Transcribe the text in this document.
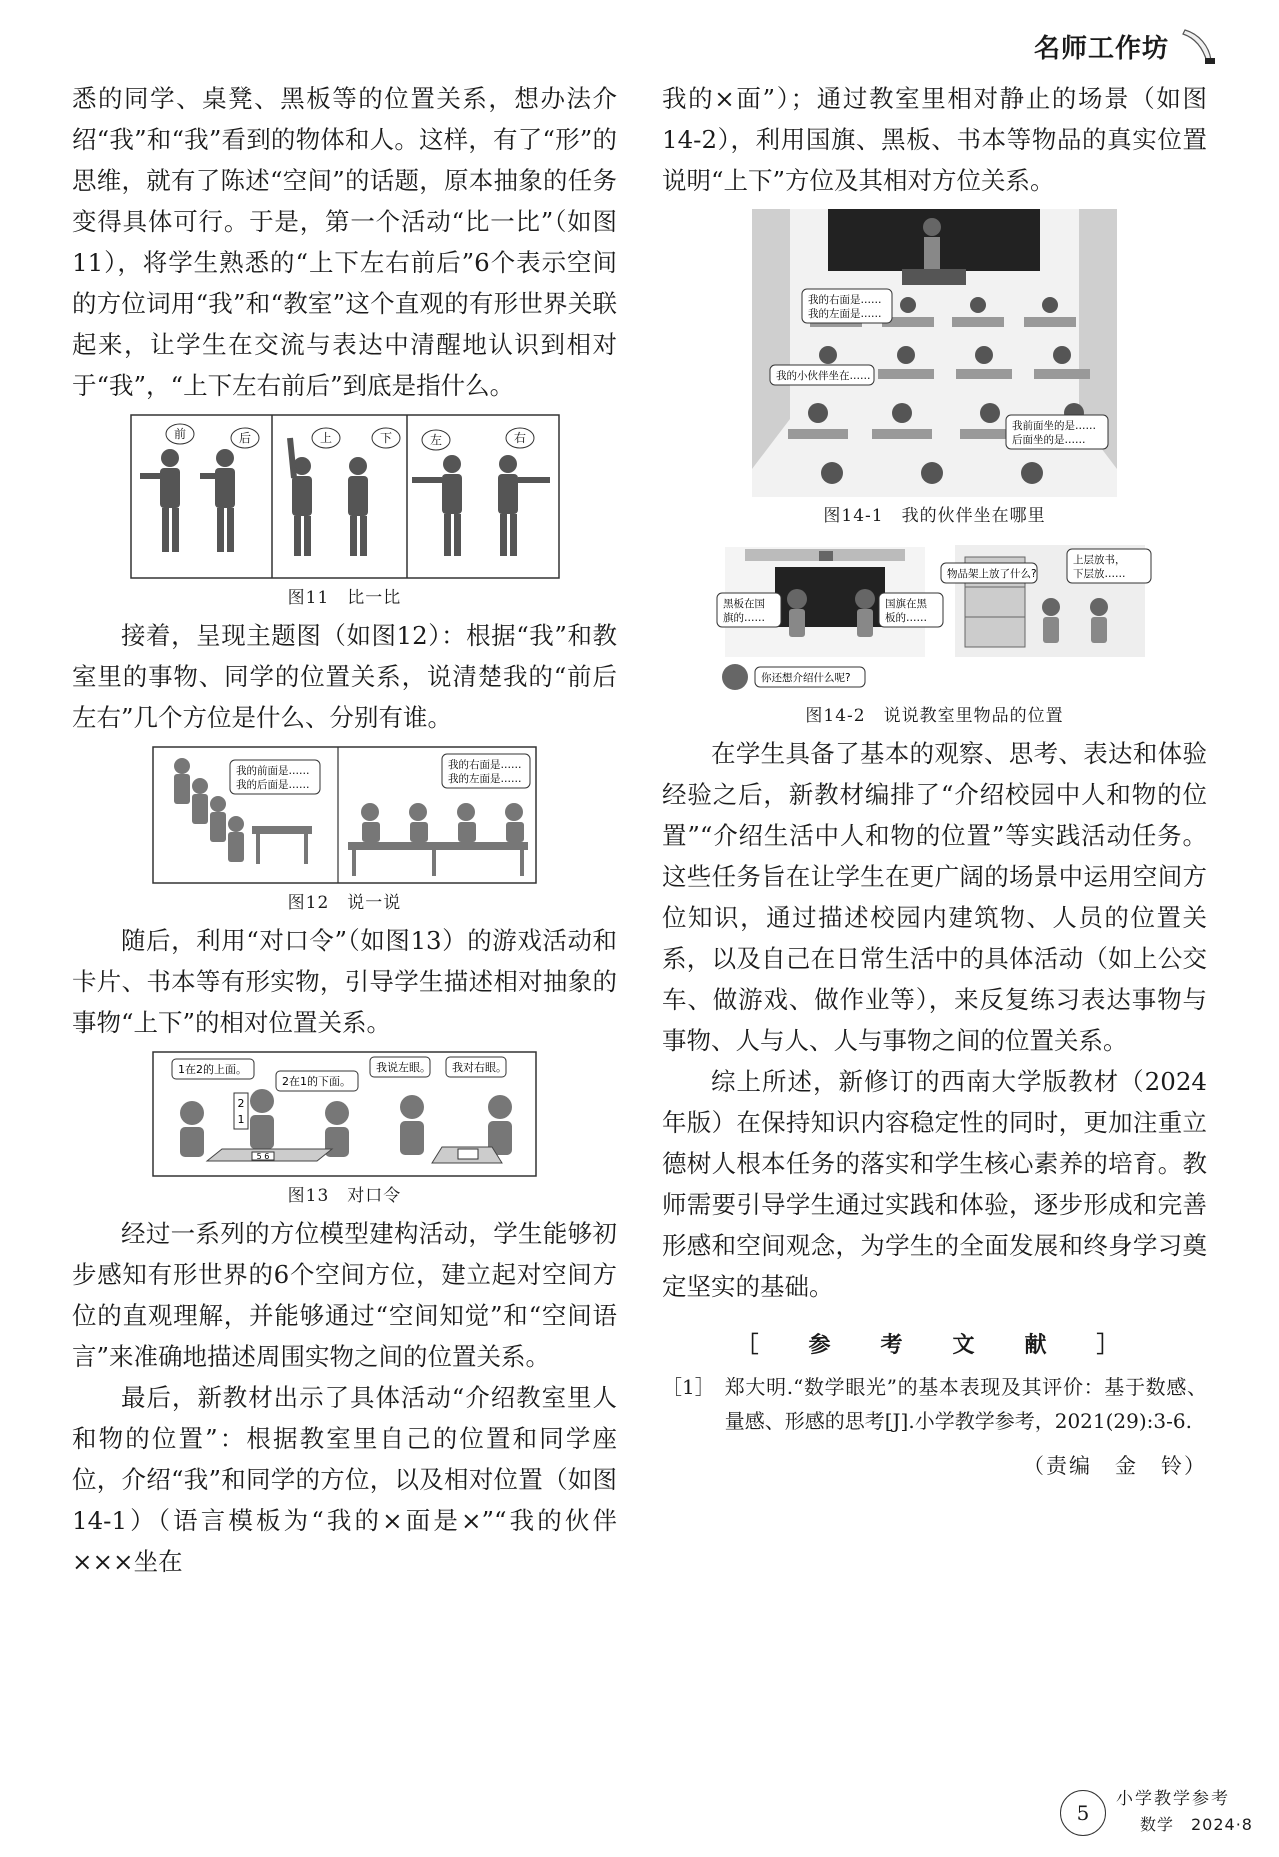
名师工作坊

悉的同学、桌凳、黑板等的位置关系，想办法介绍“我”和“我”看到的物体和人。这样，有了“形”的思维，就有了陈述“空间”的话题，原本抽象的任务变得具体可行。于是，第一个活动“比一比”（如图11），将学生熟悉的“上下左右前后”6个表示空间的方位词用“我”和“教室”这个直观的有形世界关联起来，让学生在交流与表达中清醒地认识到相对于“我”，“上下左右前后”到底是指什么。

前	后	上	下	左	右
图11　比一比

接着，呈现主题图（如图12）：根据“我”和教室里的事物、同学的位置关系，说清楚我的“前后左右”几个方位是什么、分别有谁。

我的前面是……
我的后面是……
我的右面是……
我的左面是……
图12　说一说

随后，利用“对口令”（如图13）的游戏活动和卡片、书本等有形实物，引导学生描述相对抽象的事物“上下”的相对位置关系。

5 6
2
1
1在2的上面。
2在1的下面。
我说左眼。 我对右眼。
图13　对口令

经过一系列的方位模型建构活动，学生能够初步感知有形世界的6个空间方位，建立起对空间方位的直观理解，并能够通过“空间知觉”和“空间语言”来准确地描述周围实物之间的位置关系。

最后，新教材出示了具体活动“介绍教室里人和物的位置”：根据教室里自己的位置和同学座位，介绍“我”和同学的方位，以及相对位置（如图14-1）（语言模板为“我的×面是×”“我的伙伴×××坐在

我的×面”）；通过教室里相对静止的场景（如图14-2），利用国旗、黑板、书本等物品的真实位置说明“上下”方位及其相对方位关系。

我的右面是……
我的左面是……
我的小伙伴坐在……
我前面坐的是……
后面坐的是……
图14-1　我的伙伴坐在哪里
黑板在国
旗的……
国旗在黑
板的……
物品架上放了什么?
上层放书，
下层放……
你还想介绍什么呢?
图14-2　说说教室里物品的位置

在学生具备了基本的观察、思考、表达和体验经验之后，新教材编排了“介绍校园中人和物的位置”“介绍生活中人和物的位置”等实践活动任务。这些任务旨在让学生在更广阔的场景中运用空间方位知识，通过描述校园内建筑物、人员的位置关系，以及自己在日常生活中的具体活动（如上公交车、做游戏、做作业等），来反复练习表达事物与事物、人与人、人与事物之间的位置关系。

综上所述，新修订的西南大学版教材（2024年版）在保持知识内容稳定性的同时，更加注重立德树人根本任务的落实和学生核心素养的培育。教师需要引导学生通过实践和体验，逐步形成和完善形感和空间观念，为学生的全面发展和终身学习奠定坚实的基础。

［　参　考　文　献　］
［1］ 郑大明.“数学眼光”的基本表现及其评价：基于数感、量感、形感的思考[J].小学教学参考，2021(29):3-6.
（责编　金　铃）
5
小学教学参考
数学　2024·8
